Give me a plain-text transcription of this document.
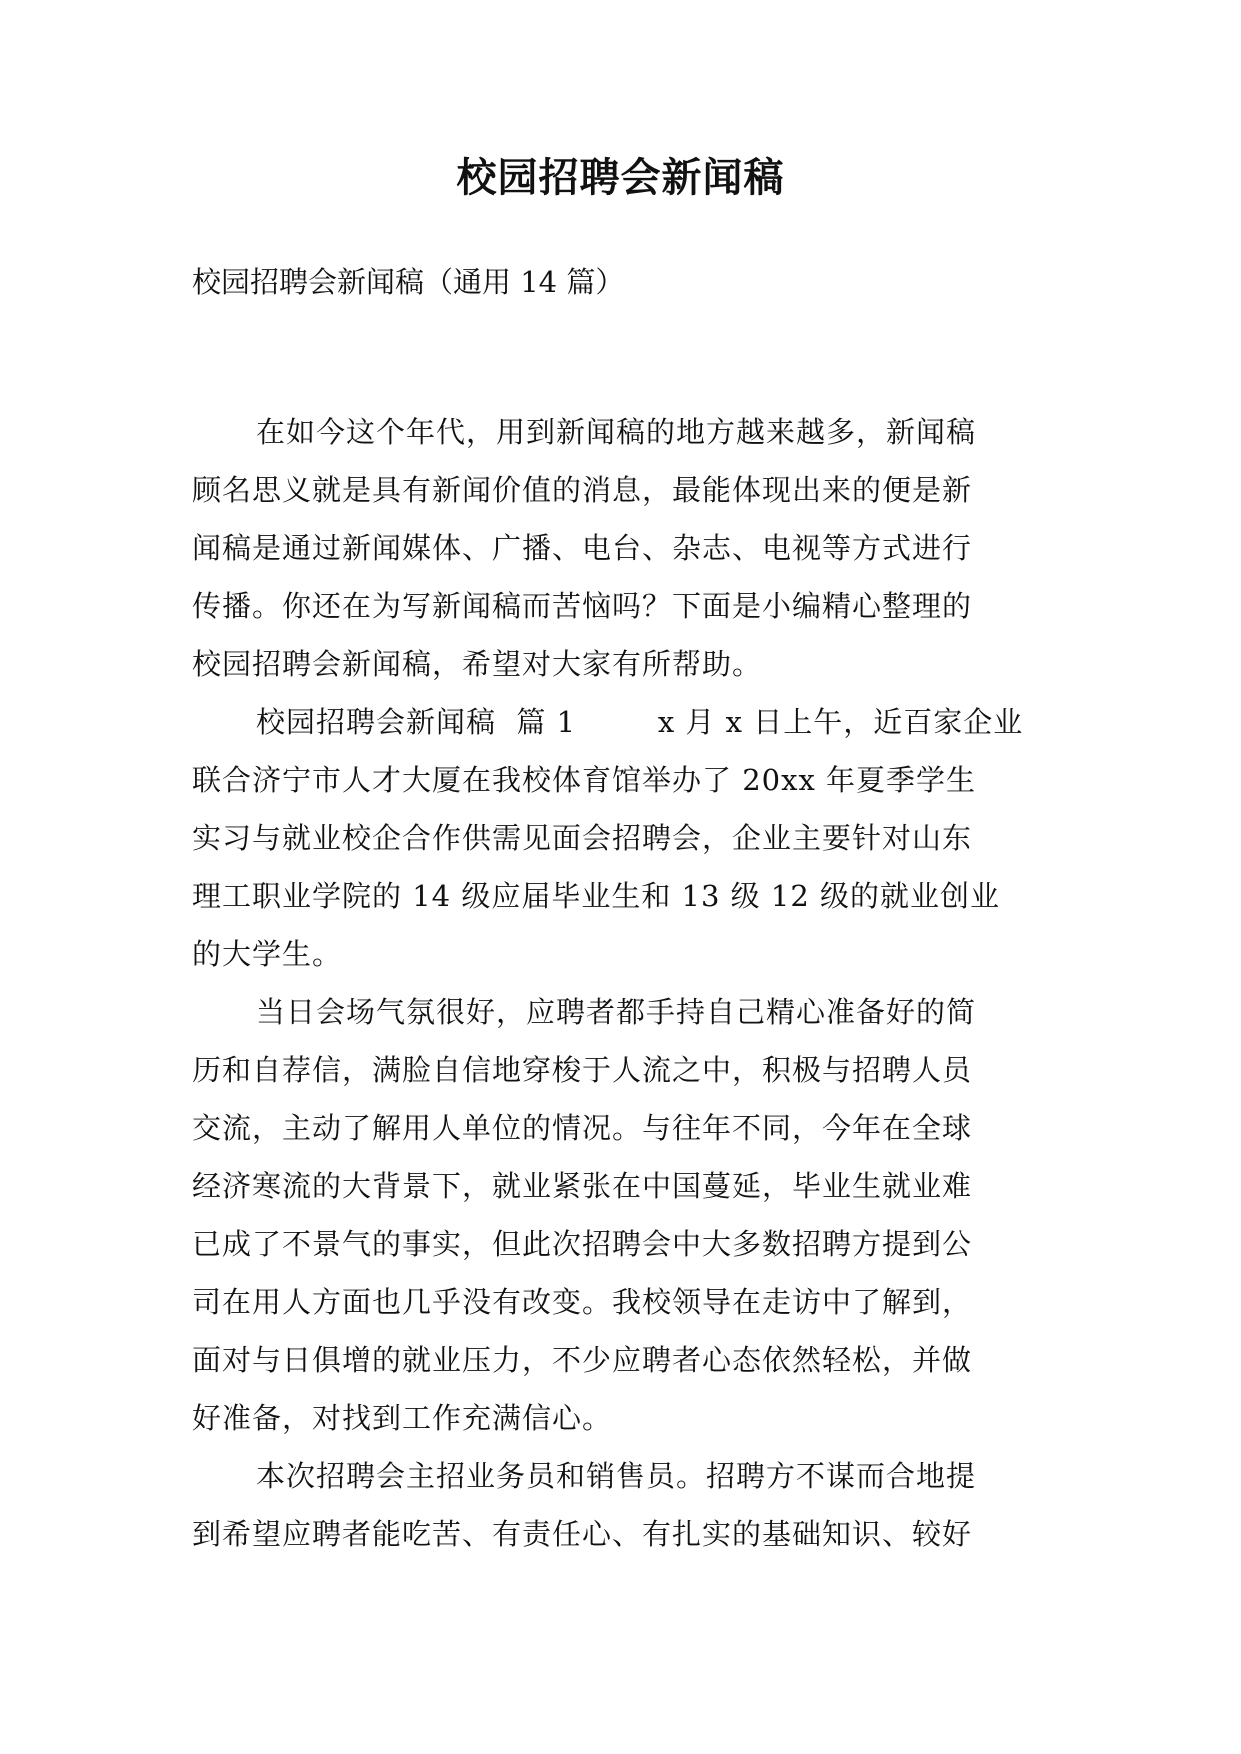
校园招聘会新闻稿
校园招聘会新闻稿（通用 14 篇）
在如今这个年代，用到新闻稿的地方越来越多，新闻稿
顾名思义就是具有新闻价值的消息，最能体现出来的便是新
闻稿是通过新闻媒体、广播、电台、杂志、电视等方式进行
传播。你还在为写新闻稿而苦恼吗？下面是小编精心整理的
校园招聘会新闻稿，希望对大家有所帮助。
校园招聘会新闻稿  篇 1        x 月 x 日上午，近百家企业
联合济宁市人才大厦在我校体育馆举办了 20xx 年夏季学生
实习与就业校企合作供需见面会招聘会，企业主要针对山东
理工职业学院的 14 级应届毕业生和 13 级 12 级的就业创业
的大学生。
当日会场气氛很好，应聘者都手持自己精心准备好的简
历和自荐信，满脸自信地穿梭于人流之中，积极与招聘人员
交流，主动了解用人单位的情况。与往年不同，今年在全球
经济寒流的大背景下，就业紧张在中国蔓延，毕业生就业难
已成了不景气的事实，但此次招聘会中大多数招聘方提到公
司在用人方面也几乎没有改变。我校领导在走访中了解到，
面对与日俱增的就业压力，不少应聘者心态依然轻松，并做
好准备，对找到工作充满信心。
本次招聘会主招业务员和销售员。招聘方不谋而合地提
到希望应聘者能吃苦、有责任心、有扎实的基础知识、较好
